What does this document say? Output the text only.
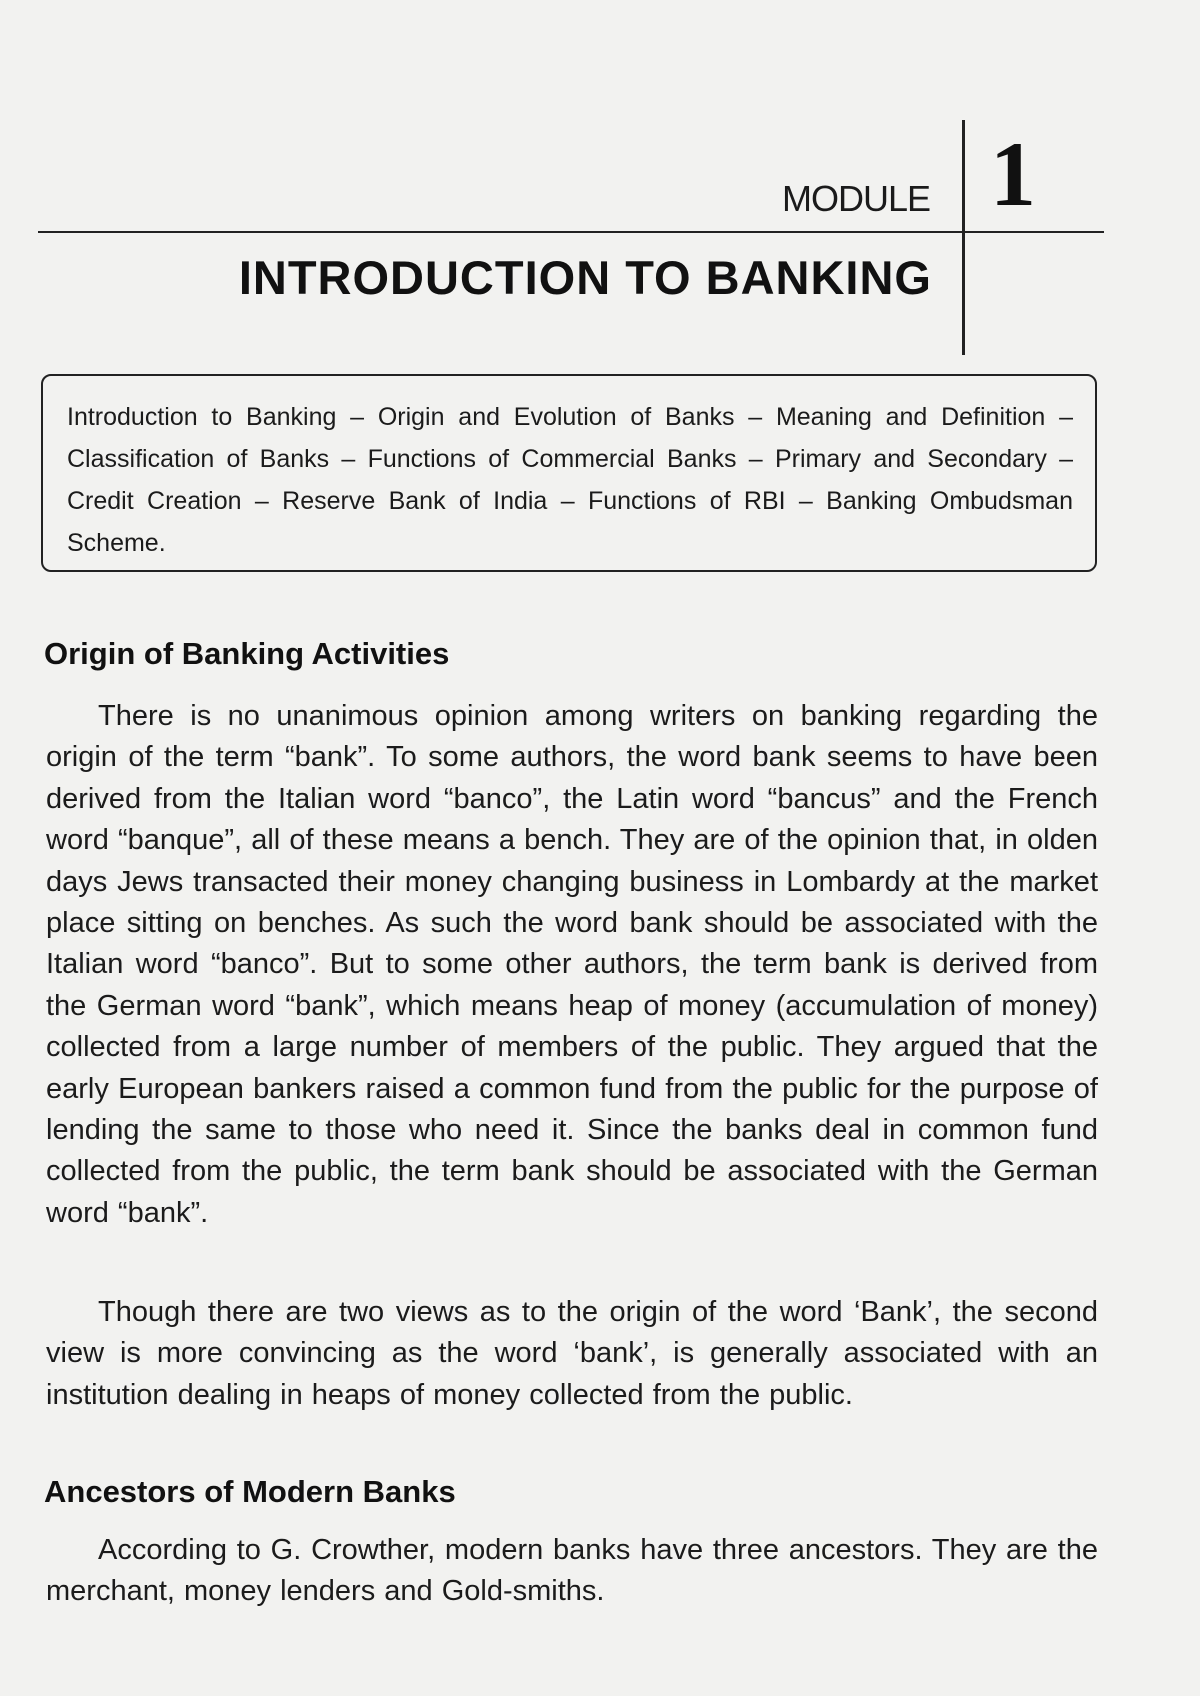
MODULE 1
INTRODUCTION TO BANKING
Introduction to Banking – Origin and Evolution of Banks – Meaning and Definition – Classification of Banks – Functions of Commercial Banks – Primary and Secondary – Credit Creation – Reserve Bank of India – Functions of RBI – Banking Ombudsman Scheme.
Origin of Banking Activities
There is no unanimous opinion among writers on banking regarding the origin of the term “bank”. To some authors, the word bank seems to have been derived from the Italian word “banco”, the Latin word “bancus” and the French word “banque”, all of these means a bench. They are of the opinion that, in olden days Jews transacted their money changing business in Lombardy at the market place sitting on benches. As such the word bank should be associated with the Italian word “banco”. But to some other authors, the term bank is derived from the German word “bank”, which means heap of money (accumulation of money) collected from a large number of members of the public. They argued that the early European bankers raised a common fund from the public for the purpose of lending the same to those who need it. Since the banks deal in common fund collected from the public, the term bank should be associated with the German word “bank”.
Though there are two views as to the origin of the word ‘Bank’, the second view is more convincing as the word ‘bank’, is generally associated with an institution dealing in heaps of money collected from the public.
Ancestors of Modern Banks
According to G. Crowther, modern banks have three ancestors. They are the merchant, money lenders and Gold-smiths.
